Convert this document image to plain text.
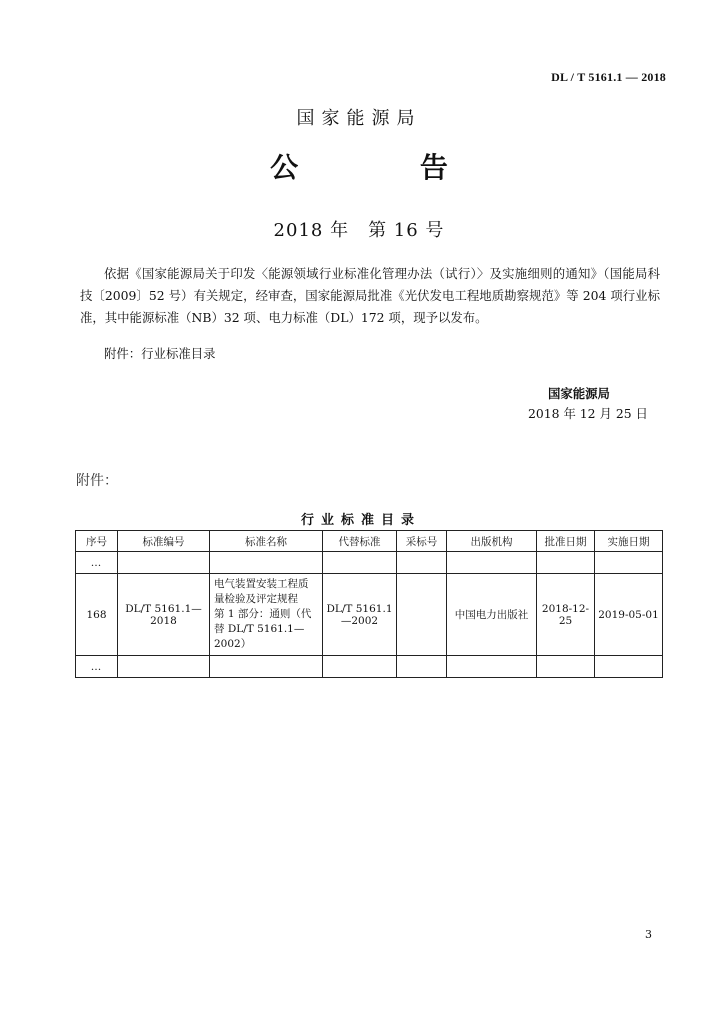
DL / T 5161.1 — 2018
国家能源局
公 告
2018 年　第 16 号
依据《国家能源局关于印发〈能源领域行业标准化管理办法（试行）〉及实施细则的通知》（国能局科技〔2009〕52 号）有关规定，经审查，国家能源局批准《光伏发电工程地质勘察规范》等 204 项行业标准，其中能源标准（NB）32 项、电力标准（DL）172 项，现予以发布。
附件：行业标准目录
国家能源局
2018 年 12 月 25 日
附件：
行业标准目录
序号	标准编号	标准名称	代替标准	采标号	出版机构	批准日期	实施日期
…							
168	DL/T 5161.1—2018	电气装置安装工程质量检验及评定规程　第 1 部分：通则（代替 DL/T 5161.1—2002）	DL/T 5161.1—2002		中国电力出版社	2018-12-25	2019-05-01
…							
3
